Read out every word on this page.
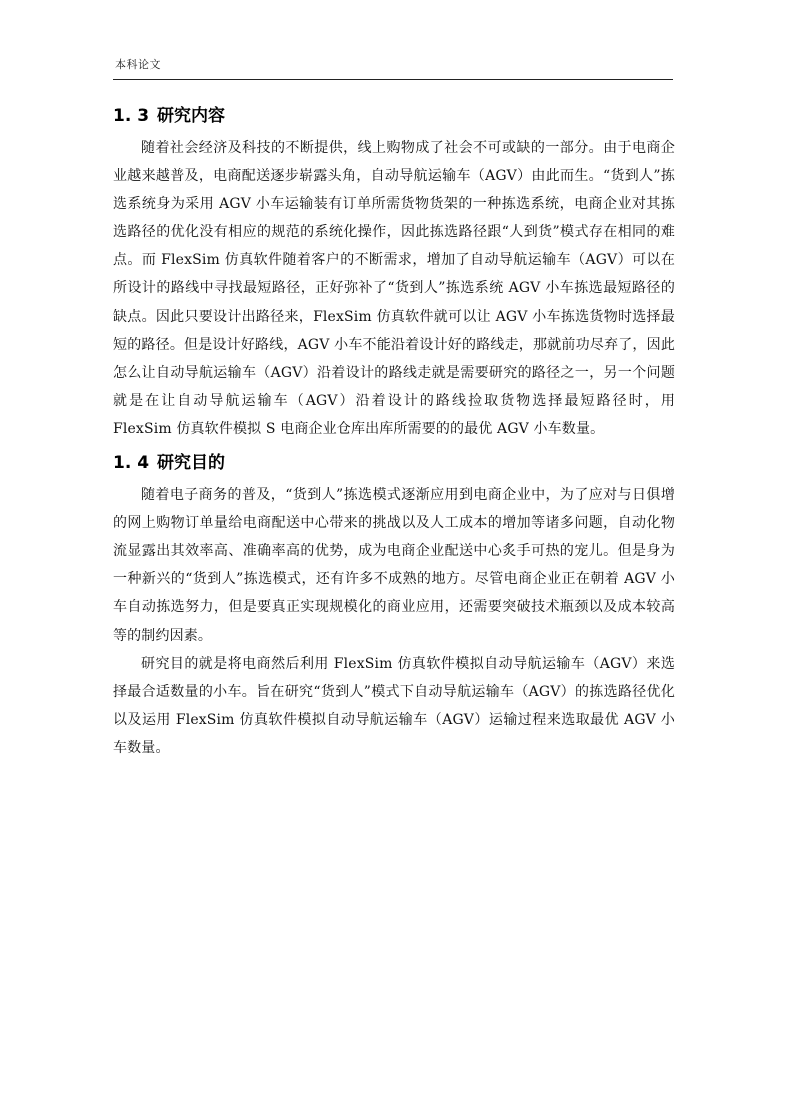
本科论文
1. 3 研究内容

随着社会经济及科技的不断提供，线上购物成了社会不可或缺的一部分。由于电商企业越来越普及，电商配送逐步崭露头角，自动导航运输车（AGV）由此而生。“货到人”拣选系统身为采用 AGV 小车运输装有订单所需货物货架的一种拣选系统，电商企业对其拣选路径的优化没有相应的规范的系统化操作，因此拣选路径跟“人到货”模式存在相同的难点。而 FlexSim 仿真软件随着客户的不断需求，增加了自动导航运输车（AGV）可以在所设计的路线中寻找最短路径，正好弥补了“货到人”拣选系统 AGV 小车拣选最短路径的缺点。因此只要设计出路径来，FlexSim 仿真软件就可以让 AGV 小车拣选货物时选择最短的路径。但是设计好路线，AGV 小车不能沿着设计好的路线走，那就前功尽弃了，因此怎么让自动导航运输车（AGV）沿着设计的路线走就是需要研究的路径之一，另一个问题就是在让自动导航运输车（AGV）沿着设计的路线捡取货物选择最短路径时，用 FlexSim 仿真软件模拟 S 电商企业仓库出库所需要的的最优 AGV 小车数量。

1. 4 研究目的

随着电子商务的普及，“货到人”拣选模式逐渐应用到电商企业中，为了应对与日俱增的网上购物订单量给电商配送中心带来的挑战以及人工成本的增加等诸多问题，自动化物流显露出其效率高、准确率高的优势，成为电商企业配送中心炙手可热的宠儿。但是身为一种新兴的“货到人”拣选模式，还有许多不成熟的地方。尽管电商企业正在朝着 AGV 小车自动拣选努力，但是要真正实现规模化的商业应用，还需要突破技术瓶颈以及成本较高等的制约因素。

研究目的就是将电商然后利用 FlexSim 仿真软件模拟自动导航运输车（AGV）来选择最合适数量的小车。旨在研究“货到人”模式下自动导航运输车（AGV）的拣选路径优化以及运用 FlexSim 仿真软件模拟自动导航运输车（AGV）运输过程来选取最优 AGV 小车数量。
